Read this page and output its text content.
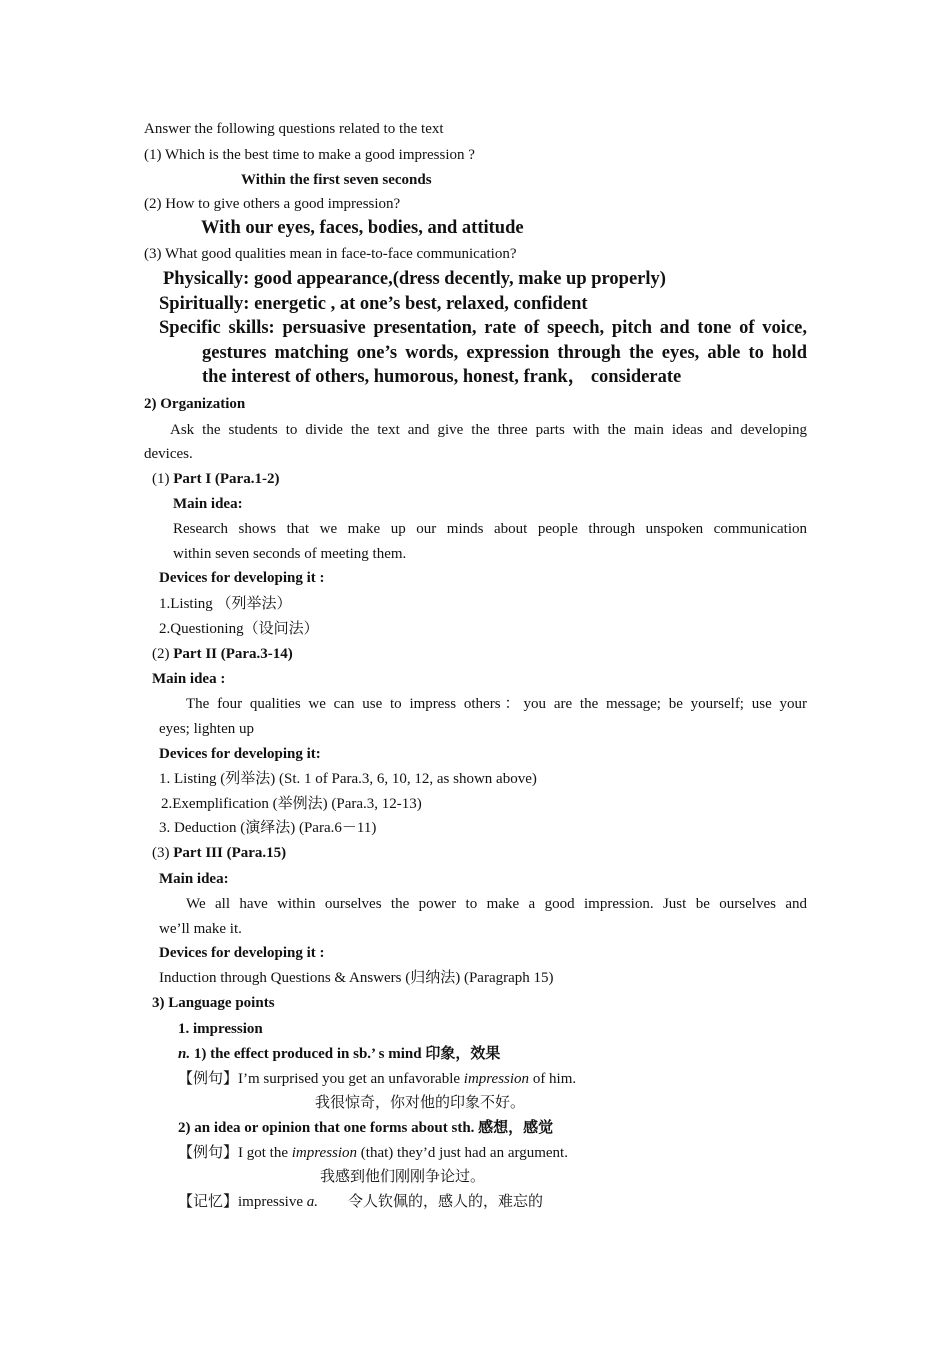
Answer the following questions related to the text
(1) Which is the best time to make a good impression ?
Within the first seven seconds
(2) How to give others a good impression?
With our eyes, faces, bodies, and attitude
(3) What good qualities mean in face-to-face communication?
Physically: good appearance,(dress decently, make up properly)
Spiritually: energetic , at one’s best, relaxed, confident
Specific skills: persuasive presentation, rate of speech, pitch and tone of voice,
gestures matching one’s words, expression through the eyes, able to hold
the interest of others, humorous, honest, frank， considerate
2) Organization
Ask the students to divide the text and give the three parts with the main ideas and developing
devices.
(1) Part I (Para.1-2)
Main idea:
Research shows that we make up our minds about people through unspoken communication
within seven seconds of meeting them.
Devices for developing it :
1.Listing （列举法）
2.Questioning（设问法）
(2) Part II (Para.3-14)
Main idea :
The four qualities we can use to impress others：you are the message; be yourself; use your
eyes; lighten up
Devices for developing it:
1. Listing (列举法) (St. 1 of Para.3, 6, 10, 12, as shown above)
2.Exemplification (举例法) (Para.3, 12-13)
3. Deduction (演绎法) (Para.6－11)
(3) Part III (Para.15)
Main idea:
We all have within ourselves the power to make a good impression. Just be ourselves and
we’ll make it.
Devices for developing it :
Induction through Questions & Answers (归纳法) (Paragraph 15)
3) Language points
1. impression
n. 1) the effect produced in sb.’ s mind 印象，效果
【例句】I’m surprised you get an unfavorable impression of him.
我很惊奇，你对他的印象不好。
2) an idea or opinion that one forms about sth. 感想，感觉
【例句】I got the impression (that) they’d just had an argument.
我感到他们刚刚争论过。
【记忆】impressive a.        令人钦佩的，感人的，难忘的
